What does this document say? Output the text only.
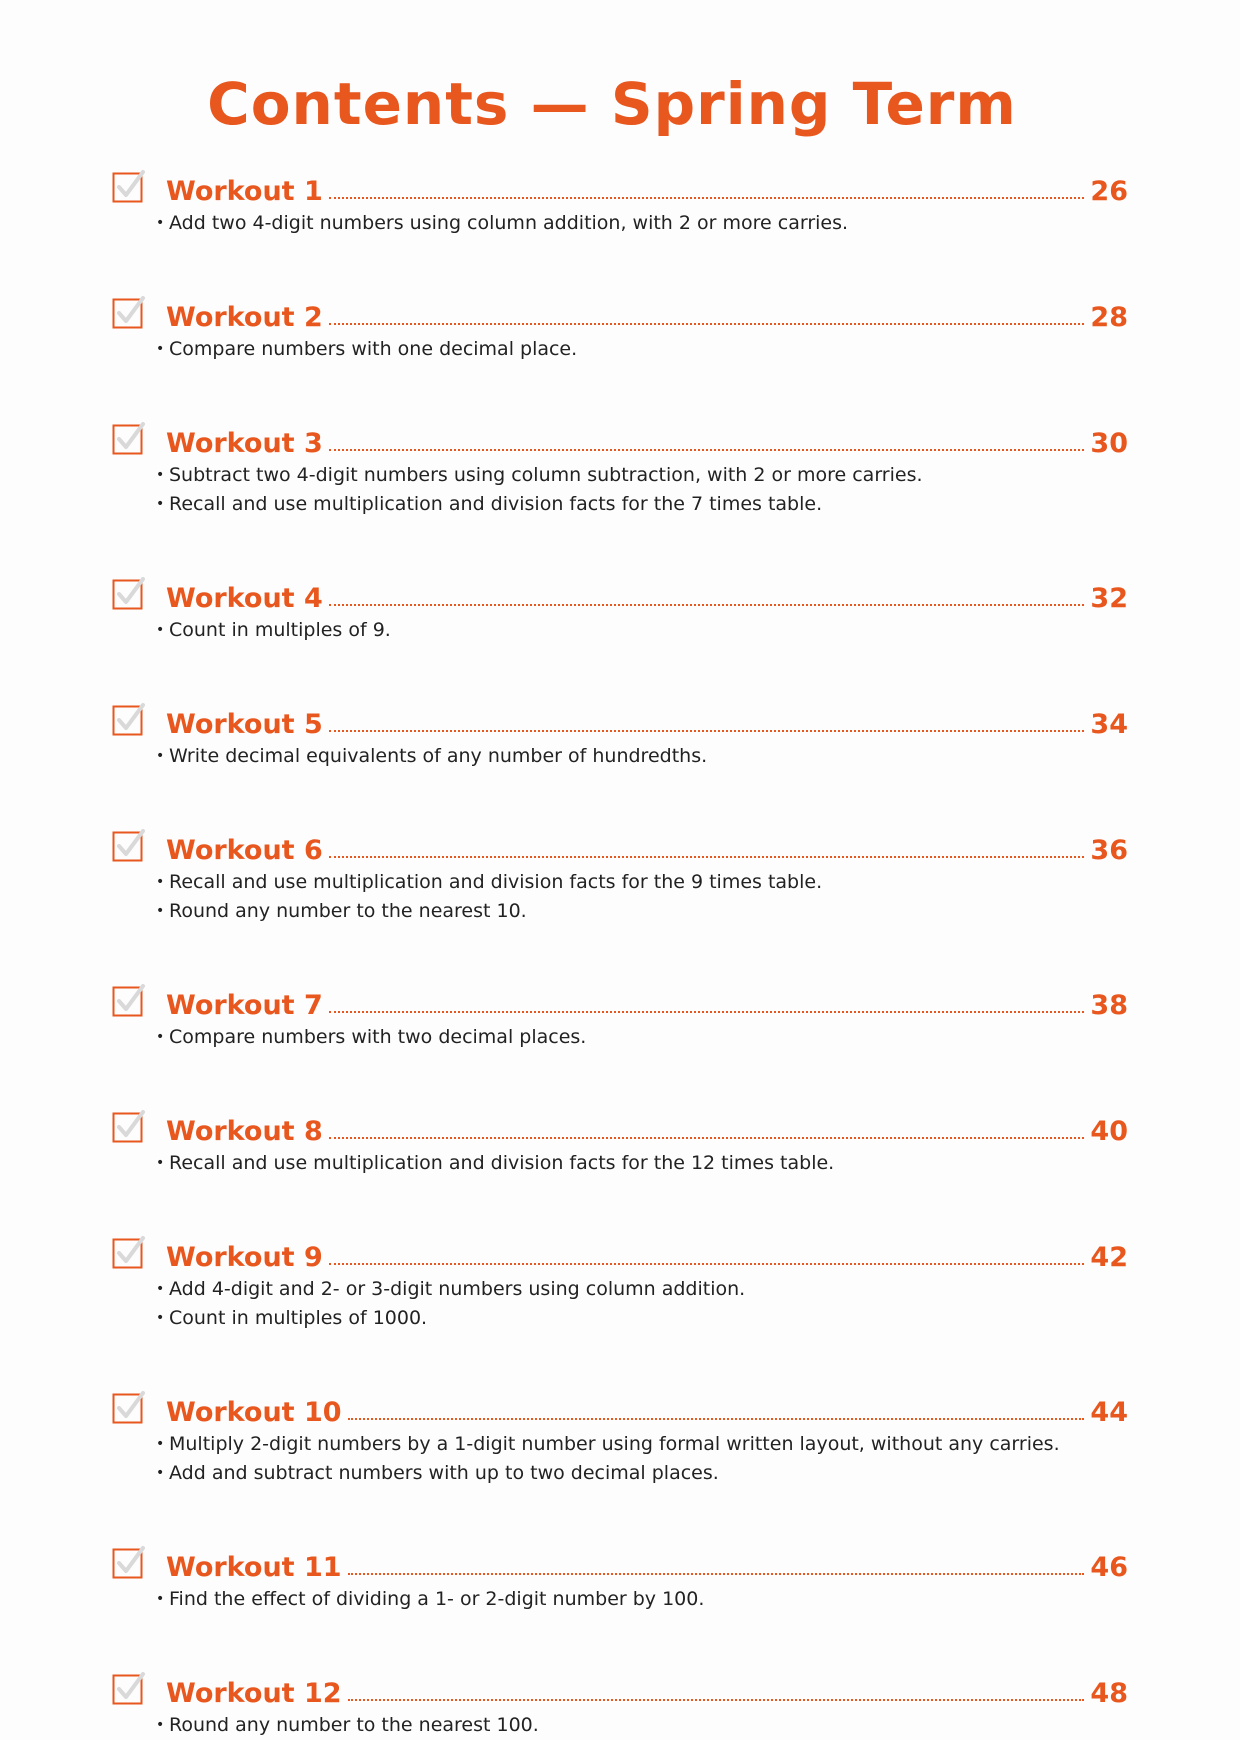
Contents — Spring Term
Workout 1	26
• Add two 4-digit numbers using column addition, with 2 or more carries.
Workout 2	28
• Compare numbers with one decimal place.
Workout 3	30
• Subtract two 4-digit numbers using column subtraction, with 2 or more carries.
• Recall and use multiplication and division facts for the 7 times table.
Workout 4	32
• Count in multiples of 9.
Workout 5	34
• Write decimal equivalents of any number of hundredths.
Workout 6	36
• Recall and use multiplication and division facts for the 9 times table.
• Round any number to the nearest 10.
Workout 7	38
• Compare numbers with two decimal places.
Workout 8	40
• Recall and use multiplication and division facts for the 12 times table.
Workout 9	42
• Add 4-digit and 2- or 3-digit numbers using column addition.
• Count in multiples of 1000.
Workout 10	44
• Multiply 2-digit numbers by a 1-digit number using formal written layout, without any carries.
• Add and subtract numbers with up to two decimal places.
Workout 11	46
• Find the effect of dividing a 1- or 2-digit number by 100.
Workout 12	48
• Round any number to the nearest 100.
